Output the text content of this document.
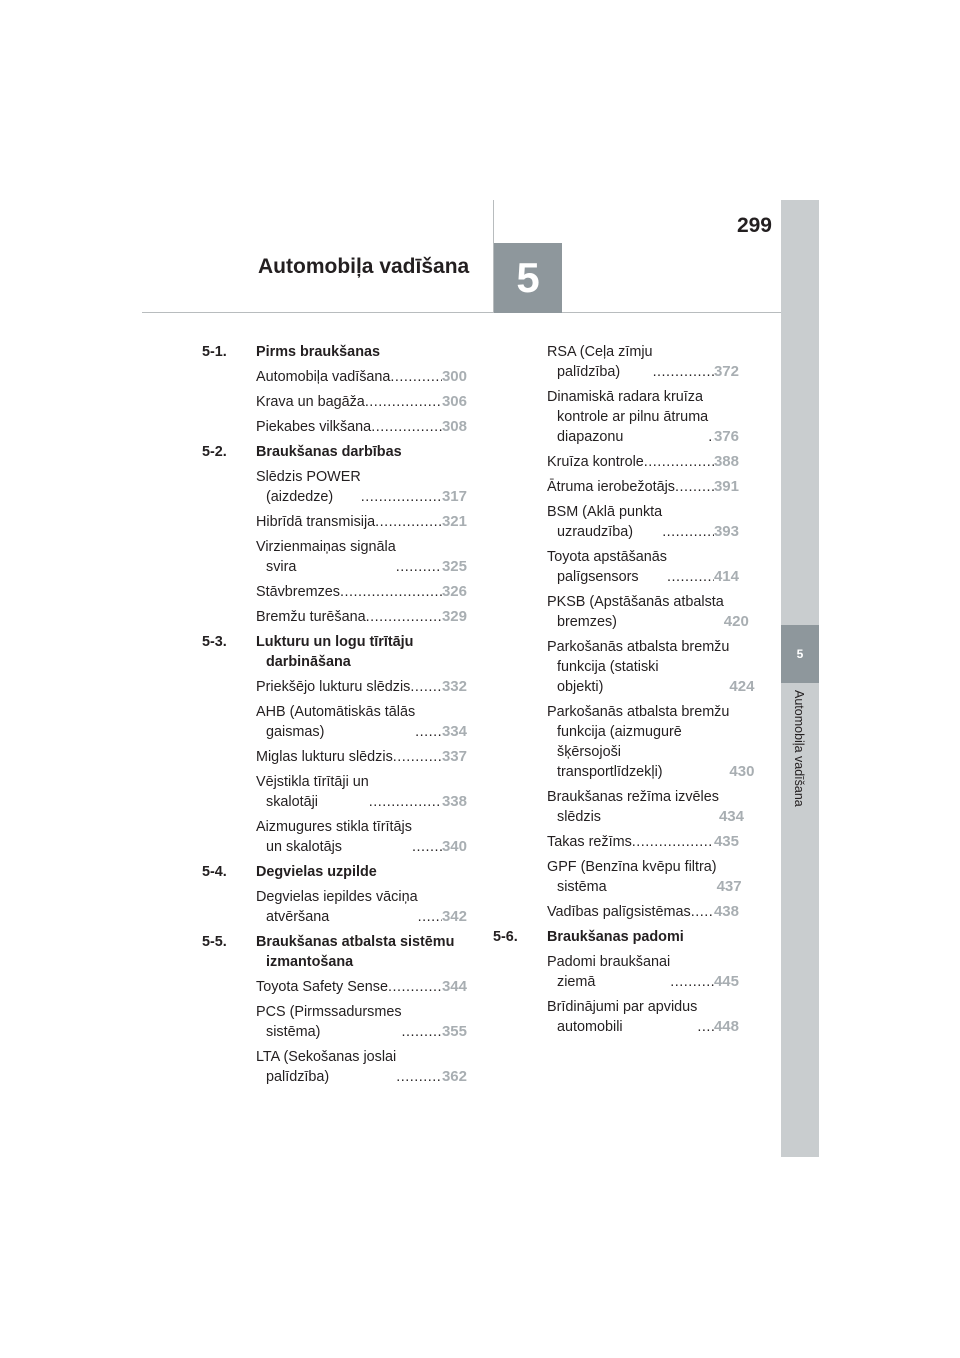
299
Automobiļa vadīšana	5
5
Automobiļa vadīšana
5-1. Pirms braukšanas
Automobiļa vadīšana .....	300
Krava un bagāža .....	306
Piekabes vilkšana .....	308
5-2. Braukšanas darbības
Slēdzis POWER
(aizdedze) .....	317
Hibrīdā transmisija .....	321
Virzienmaiņas signāla
svira .....	325
Stāvbremzes .....	326
Bremžu turēšana .....	329
5-3. Lukturu un logu tīrītāju
darbināšana
Priekšējo lukturu slēdzis ..... 332
AHB (Automātiskās tālās
gaismas) .....	334
Miglas lukturu slēdzis .....	337
Vējstikla tīrītāji un
skalotāji .....	338
Aizmugures stikla tīrītājs
un skalotājs .....	340
5-4. Degvielas uzpilde
Degvielas iepildes vāciņa
atvēršana .....	342
5-5. Braukšanas atbalsta sistēmu
izmantošana
Toyota Safety Sense .....	344
PCS (Pirmssadursmes
sistēma) .....	355
LTA (Sekošanas joslai
palīdzība) .....	362
RSA (Ceļa zīmju
palīdzība) .....	372
Dinamiskā radara kruīza
kontrole ar pilnu ātruma
diapazonu .....	376
Kruīza kontrole .....	388
Ātruma ierobežotājs .....	391
BSM (Aklā punkta
uzraudzība) .....	393
Toyota apstāšanās
palīgsensors .....	414
PKSB (Apstāšanās atbalsta
bremzes)	420
Parkošanās atbalsta bremžu
funkcija (statiski
objekti)	424
Parkošanās atbalsta bremžu
funkcija (aizmugurē
šķērsojoši
transportlīdzekļi)	430
Braukšanas režīma izvēles
slēdzis	434
Takas režīms .....	435
GPF (Benzīna kvēpu filtra)
sistēma	437
Vadības palīgsistēmas ..... 438
5-6. Braukšanas padomi
Padomi braukšanai
ziemā .....	445
Brīdinājumi par apvidus
automobili .....	448
